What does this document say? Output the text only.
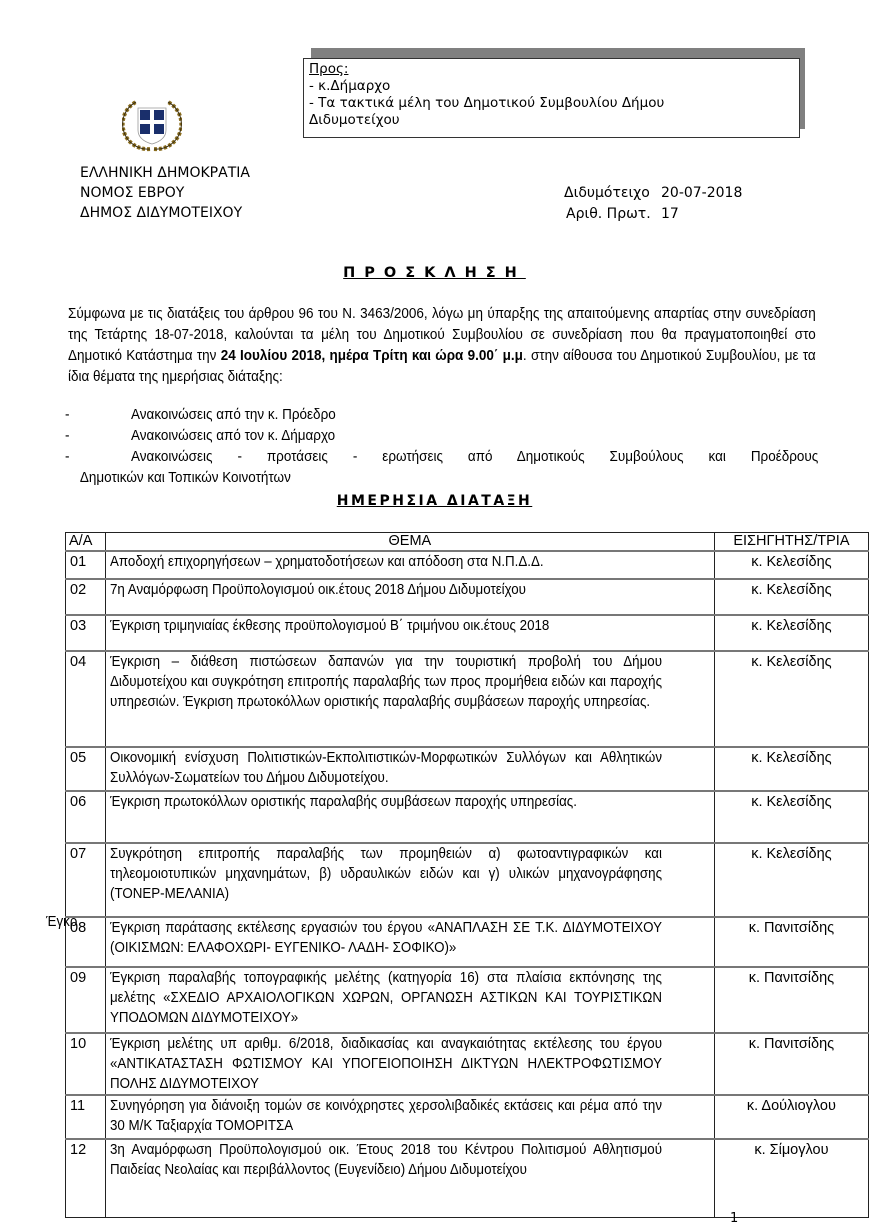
Προς:
- κ.Δήμαρχο
- Τα τακτικά μέλη του Δημοτικού Συμβουλίου Δήμου
Διδυμοτείχου
ΕΛΛΗΝΙΚΗ ΔΗΜΟΚΡΑΤΙΑ
ΝΟΜΟΣ ΕΒΡΟΥ
ΔΗΜΟΣ ΔΙΔΥΜΟΤΕΙΧΟΥ
Διδυμότειχο 20-07-2018
Αριθ. Πρωτ. 17
ΠΡΟΣΚΛΗΣΗ
Σύμφωνα με τις διατάξεις του άρθρου 96 του Ν. 3463/2006, λόγω μη ύπαρξης της απαιτούμενης απαρτίας στην συνεδρίαση της Τετάρτης 18-07-2018, καλούνται τα μέλη του Δημοτικού Συμβουλίου σε συνεδρίαση που θα πραγματοποιηθεί στο Δημοτικό Κατάστημα την 24 Ιουλίου 2018, ημέρα Τρίτη και ώρα 9.00΄ μ.μ. στην αίθουσα του Δημοτικού Συμβουλίου, με τα ίδια θέματα της ημερήσιας διάταξης:
-	Ανακοινώσεις από την κ. Πρόεδρο
-	Ανακοινώσεις από τον κ. Δήμαρχο
-	Ανακοινώσεις - προτάσεις - ερωτήσεις από Δημοτικούς Συμβούλους και Προέδρους
Δημοτικών και Τοπικών Κοινοτήτων
ΗΜΕΡΗΣΙΑ ΔΙΑΤΑΞΗ
Α/Α	ΘΕΜΑ	ΕΙΣΗΓΗΤΗΣ/ΤΡΙΑ
01	Αποδοχή επιχορηγήσεων – χρηματοδοτήσεων και απόδοση στα Ν.Π.Δ.Δ.	κ. Κελεσίδης
02	7η Αναμόρφωση Προϋπολογισμού οικ.έτους 2018 Δήμου Διδυμοτείχου	κ. Κελεσίδης
03	Έγκριση τριμηνιαίας έκθεσης προϋπολογισμού Β΄ τριμήνου οικ.έτους 2018	κ. Κελεσίδης
04	Έγκριση – διάθεση πιστώσεων δαπανών για την τουριστική προβολή του Δήμου Διδυμοτείχου και συγκρότηση επιτροπής παραλαβής των προς προμήθεια ειδών και παροχής υπηρεσιών. Έγκριση πρωτοκόλλων οριστικής παραλαβής συμβάσεων παροχής υπηρεσίας.	κ. Κελεσίδης
05	Οικονομική ενίσχυση Πολιτιστικών-Εκπολιτιστικών-Μορφωτικών Συλλόγων και Αθλητικών Συλλόγων-Σωματείων του Δήμου Διδυμοτείχου.	κ. Κελεσίδης
06	Έγκριση πρωτοκόλλων οριστικής παραλαβής συμβάσεων παροχής υπηρεσίας.	κ. Κελεσίδης
07	Συγκρότηση επιτροπής παραλαβής των προμηθειών α) φωτοαντιγραφικών και τηλεομοιοτυπικών μηχανημάτων, β) υδραυλικών ειδών και γ) υλικών μηχανογράφησης (ΤΟΝΕΡ-ΜΕΛΑΝΙΑ)	κ. Κελεσίδης
08	Έγκριση παράτασης εκτέλεσης εργασιών του έργου «ΑΝΑΠΛΑΣΗ ΣΕ Τ.Κ. ΔΙΔΥΜΟΤΕΙΧΟΥ (ΟΙΚΙΣΜΩΝ: ΕΛΑΦΟΧΩΡΙ- ΕΥΓΕΝΙΚΟ- ΛΑΔΗ- ΣΟΦΙΚΟ)»	κ. Πανιτσίδης
09	Έγκριση παραλαβής τοπογραφικής μελέτης (κατηγορία 16) στα πλαίσια εκπόνησης της μελέτης «ΣΧΕΔΙΟ ΑΡΧΑΙΟΛΟΓΙΚΩΝ ΧΩΡΩΝ, ΟΡΓΑΝΩΣΗ ΑΣΤΙΚΩΝ ΚΑΙ ΤΟΥΡΙΣΤΙΚΩΝ ΥΠΟΔΟΜΩΝ ΔΙΔΥΜΟΤΕΙΧΟΥ»	κ. Πανιτσίδης
10	Έγκριση μελέτης υπ αριθμ. 6/2018, διαδικασίας και αναγκαιότητας εκτέλεσης του έργου «ΑΝΤΙΚΑΤΑΣΤΑΣΗ ΦΩΤΙΣΜΟΥ ΚΑΙ ΥΠΟΓΕΙΟΠΟΙΗΣΗ ΔΙΚΤΥΩΝ ΗΛΕΚΤΡΟΦΩΤΙΣΜΟΥ ΠΟΛΗΣ ΔΙΔΥΜΟΤΕΙΧΟΥ	κ. Πανιτσίδης
11	Συνηγόρηση για διάνοιξη τομών σε κοινόχρηστες χερσολιβαδικές εκτάσεις και ρέμα από την 30 Μ/Κ Ταξιαρχία ΤΟΜΟΡΙΤΣΑ	κ. Δούλιογλου
12	3η Αναμόρφωση Προϋπολογισμού οικ. Έτους 2018 του Κέντρου Πολιτισμού Αθλητισμού Παιδείας Νεολαίας και περιβάλλοντος (Ευγενίδειο) Δήμου Διδυμοτείχου	κ. Σίμογλου
Έγκρ
1
